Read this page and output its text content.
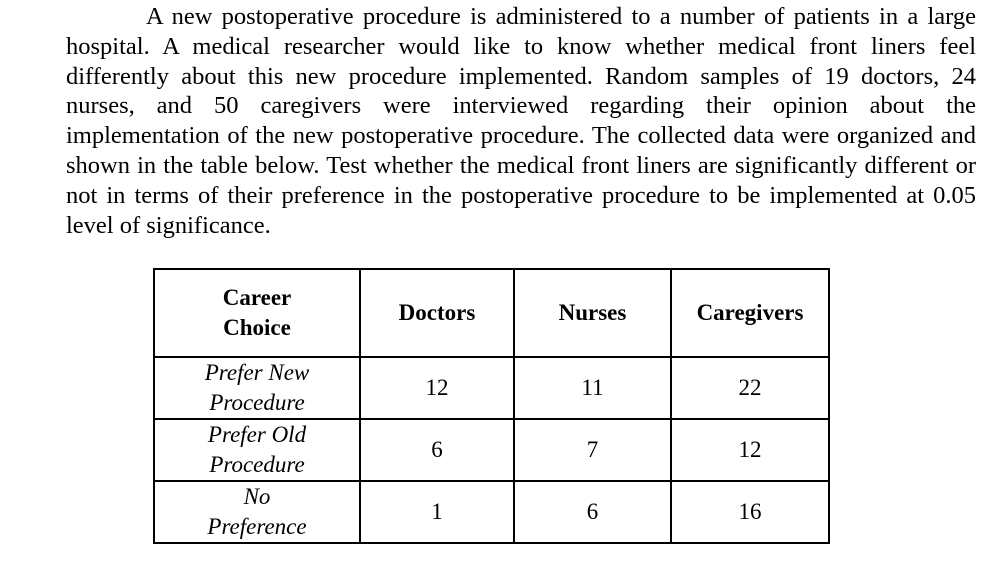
A new postoperative procedure is administered to a number of patients in a large hospital. A medical researcher would like to know whether medical front liners feel differently about this new procedure implemented. Random samples of 19 doctors, 24 nurses, and 50 caregivers were interviewed regarding their opinion about the implementation of the new postoperative procedure. The collected data were organized and shown in the table below. Test whether the medical front liners are significantly different or not in terms of their preference in the postoperative procedure to be implemented at 0.05 level of significance.

Career
Choice	Doctors	Nurses	Caregivers

Prefer New
Procedure	12	11	22

Prefer Old
Procedure	6	7	12

No
Preference	1	6	16
